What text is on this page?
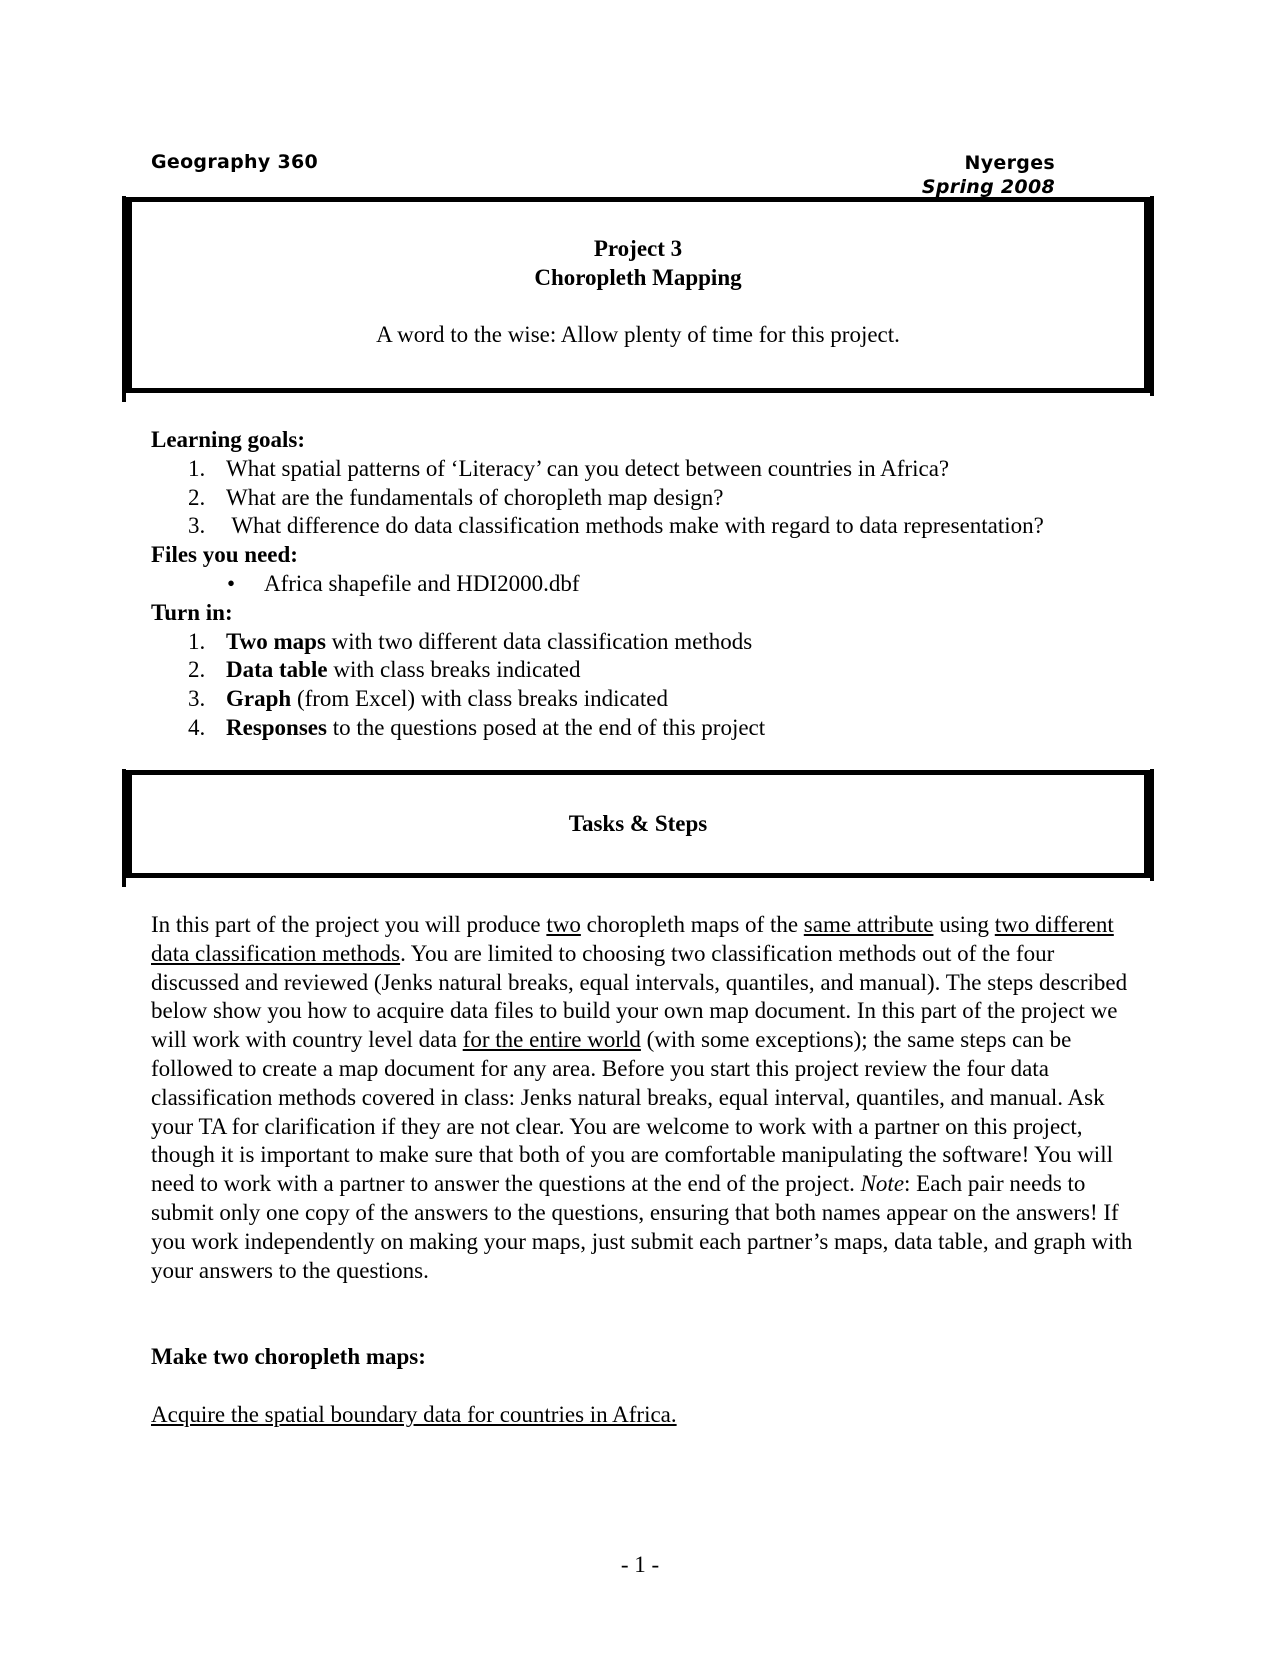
Geography 360	Nyerges
Spring 2008
Project 3
Choropleth Mapping
A word to the wise: Allow plenty of time for this project.
Learning goals:
1. What spatial patterns of ‘Literacy’ can you detect between countries in Africa?
2. What are the fundamentals of choropleth map design?
3. What difference do data classification methods make with regard to data representation?
Files you need:
• Africa shapefile and HDI2000.dbf
Turn in:
1. Two maps with two different data classification methods
2. Data table with class breaks indicated
3. Graph (from Excel) with class breaks indicated
4. Responses to the questions posed at the end of this project
Tasks & Steps
In this part of the project you will produce two choropleth maps of the same attribute using two different data classification methods. You are limited to choosing two classification methods out of the four discussed and reviewed (Jenks natural breaks, equal intervals, quantiles, and manual). The steps described below show you how to acquire data files to build your own map document. In this part of the project we will work with country level data for the entire world (with some exceptions); the same steps can be followed to create a map document for any area. Before you start this project review the four data classification methods covered in class: Jenks natural breaks, equal interval, quantiles, and manual. Ask your TA for clarification if they are not clear. You are welcome to work with a partner on this project, though it is important to make sure that both of you are comfortable manipulating the software! You will need to work with a partner to answer the questions at the end of the project. Note: Each pair needs to submit only one copy of the answers to the questions, ensuring that both names appear on the answers! If you work independently on making your maps, just submit each partner’s maps, data table, and graph with your answers to the questions.
Make two choropleth maps:
Acquire the spatial boundary data for countries in Africa.
- 1 -
